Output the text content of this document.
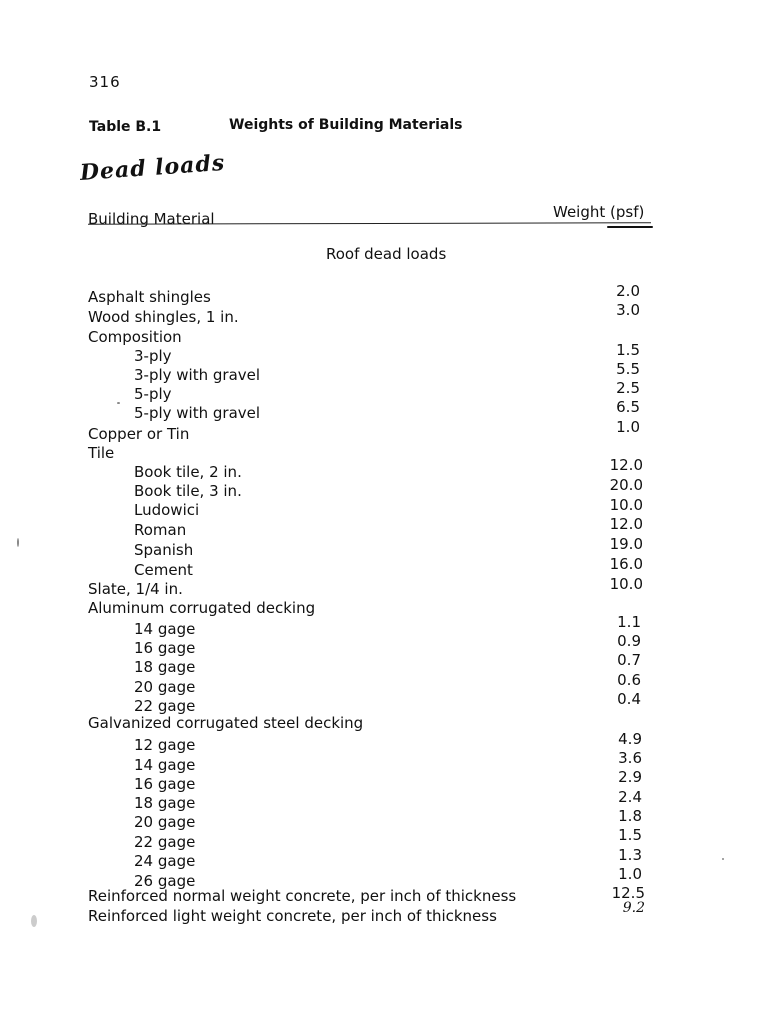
316
Table B.1	Weights of Building Materials
Dead loads
Building Material	Weight (psf)
Roof dead loads
Asphalt shingles	2.0
Wood shingles, 1 in.	3.0
Composition
3-ply	1.5
3-ply with gravel	5.5
5-ply	2.5
5-ply with gravel	6.5
Copper or Tin	1.0
Tile
Book tile, 2 in.	12.0
Book tile, 3 in.	20.0
Ludowici	10.0
Roman	12.0
Spanish	19.0
Cement	16.0
Slate, 1/4 in.	10.0
Aluminum corrugated decking
14 gage	1.1
16 gage	0.9
18 gage	0.7
20 gage	0.6
22 gage	0.4
Galvanized corrugated steel decking
12 gage	4.9
14 gage	3.6
16 gage	2.9
18 gage	2.4
20 gage	1.8
22 gage	1.5
24 gage	1.3
26 gage	1.0
Reinforced normal weight concrete, per inch of thickness	12.5
Reinforced light weight concrete, per inch of thickness	9.2
